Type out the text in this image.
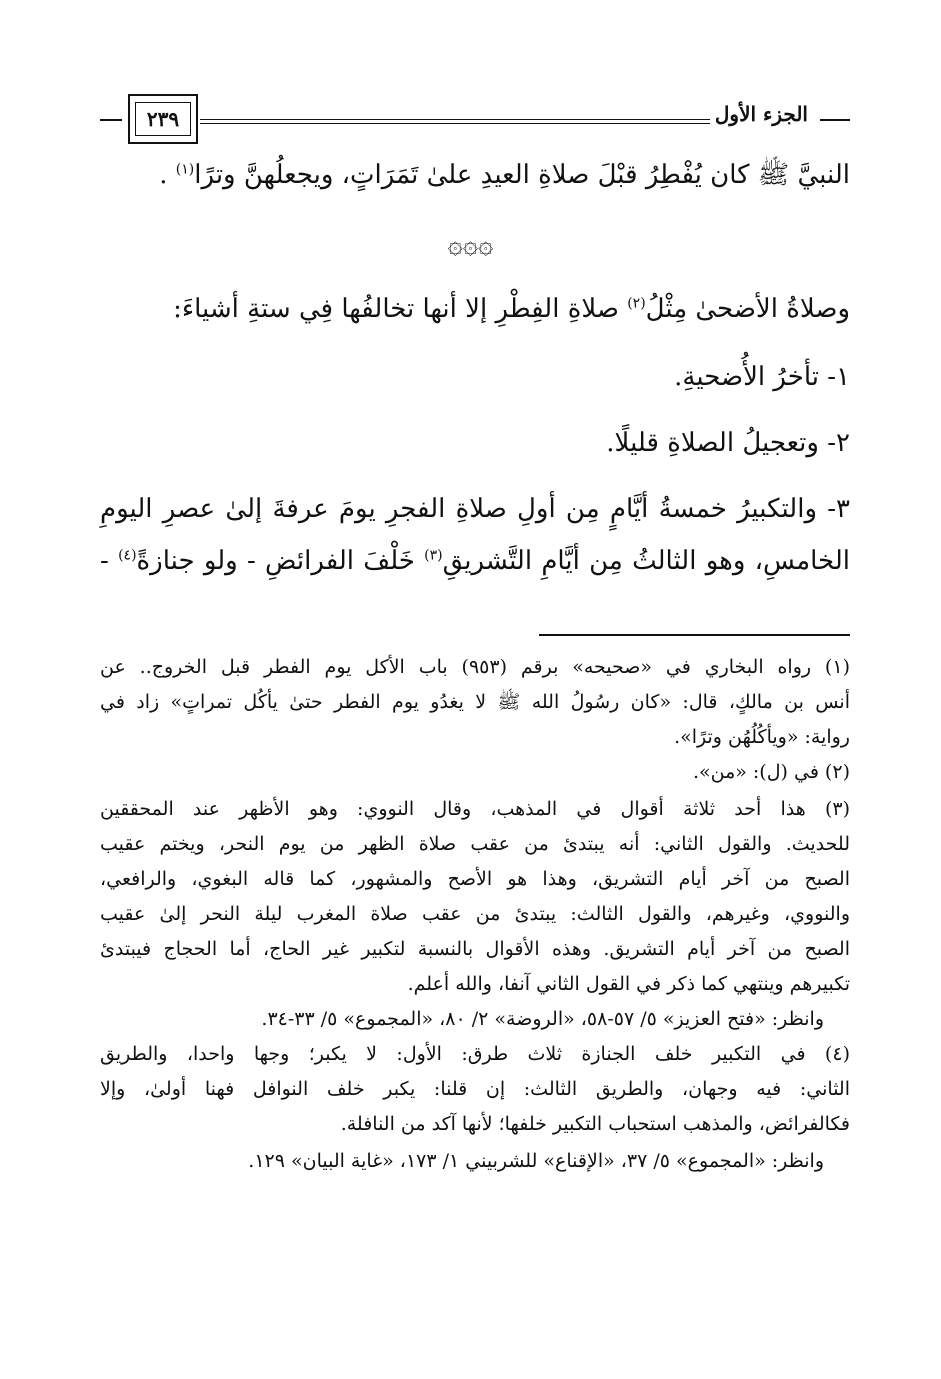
الجزء الأول
٢٣٩
النبيَّ ﷺ كان يُفْطِرُ قبْلَ صلاةِ العيدِ علىٰ تَمَرَاتٍ، ويجعلُهنَّ وترًا$^{(١)}$ .
۞۞۞
وصلاةُ الأضحىٰ مِثْلُ$^{(٢)}$ صلاةِ الفِطْرِ إلا أنها تخالفُها فِي ستةِ أشياءَ:
١- تأخرُ الأُضحيةِ.
٢- وتعجيلُ الصلاةِ قليلًا.
٣- والتكبيرُ خمسةُ أيَّامٍ مِن أولِ صلاةِ الفجرِ يومَ عرفةَ إلىٰ عصرِ اليومِ
الخامسِ، وهو الثالثُ مِن أيَّامِ التَّشريقِ$^{(٣)}$ خَلْفَ الفرائضِ - ولو جنازةً$^{(٤)}$ -
(١) رواه البخاري في «صحيحه» برقم (٩٥٣) باب الأكل يوم الفطر قبل الخروج.. عن
أنس بن مالكٍ، قال: «كان رسُولُ الله ﷺ لا يغدُو يوم الفطر حتىٰ يأكُل تمراتٍ» زاد في
رواية: «ويأكُلُهُن وترًا».
(٢) في (ل): «من».
(٣) هذا أحد ثلاثة أقوال في المذهب، وقال النووي: وهو الأظهر عند المحققين
للحديث. والقول الثاني: أنه يبتدئ من عقب صلاة الظهر من يوم النحر، ويختم عقيب
الصبح من آخر أيام التشريق، وهذا هو الأصح والمشهور، كما قاله البغوي، والرافعي،
والنووي، وغيرهم، والقول الثالث: يبتدئ من عقب صلاة المغرب ليلة النحر إلىٰ عقيب
الصبح من آخر أيام التشريق. وهذه الأقوال بالنسبة لتكبير غير الحاج، أما الحجاج فيبتدئ
تكبيرهم وينتهي كما ذكر في القول الثاني آنفا، والله أعلم.
وانظر: «فتح العزيز» ٥/ ٥٧-٥٨، «الروضة» ٢/ ٨٠، «المجموع» ٥/ ٣٣-٣٤.
(٤) في التكبير خلف الجنازة ثلاث طرق: الأول: لا يكبر؛ وجها واحدا، والطريق
الثاني: فيه وجهان، والطريق الثالث: إن قلنا: يكبر خلف النوافل فهنا أولىٰ، وإلا
فكالفرائض، والمذهب استحباب التكبير خلفها؛ لأنها آكد من النافلة.
وانظر: «المجموع» ٥/ ٣٧، «الإقناع» للشربيني ١/ ١٧٣، «غاية البيان» ١٢٩.
